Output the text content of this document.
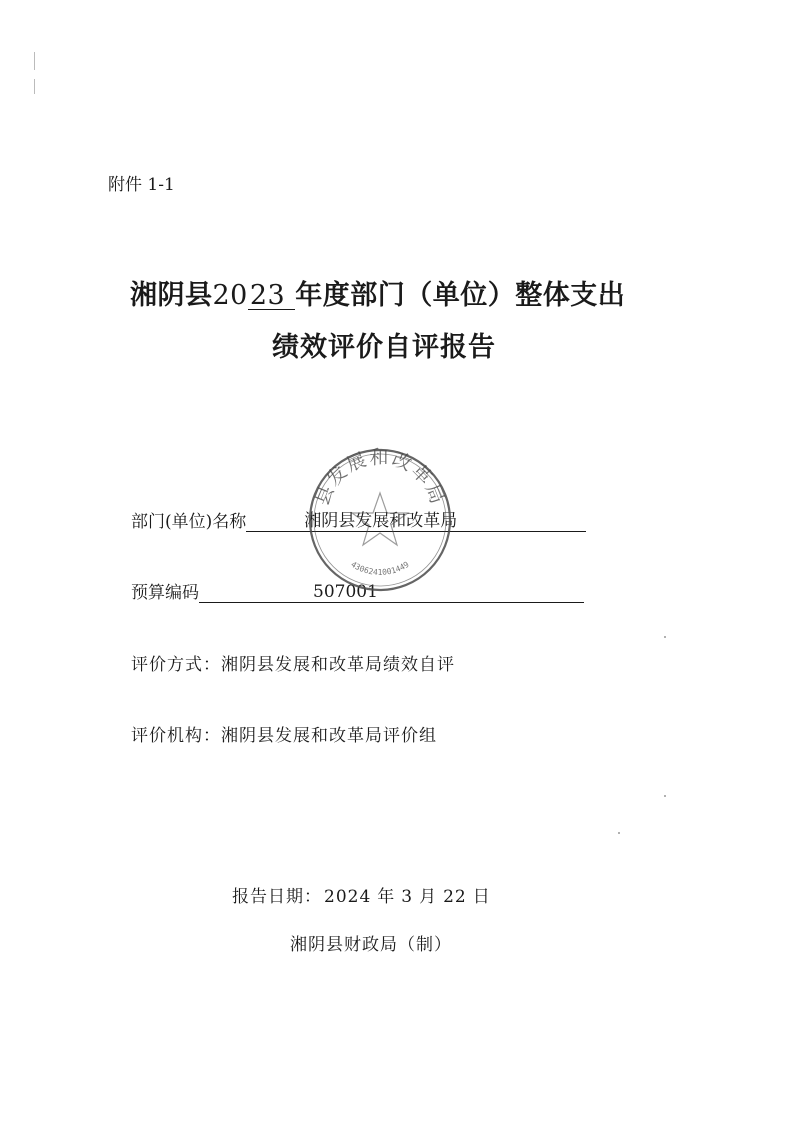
附件 1-1
湘阴县2023 年度部门（单位）整体支出
绩效评价自评报告
部门(单位)名称	湘阴县发展和改革局
预算编码	507001
评价方式：湘阴县发展和改革局绩效自评
评价机构：湘阴县发展和改革局评价组
报告日期： 2024 年 3 月 22 日
湘阴县财政局（制）
县发展和改革局
4306241001449
